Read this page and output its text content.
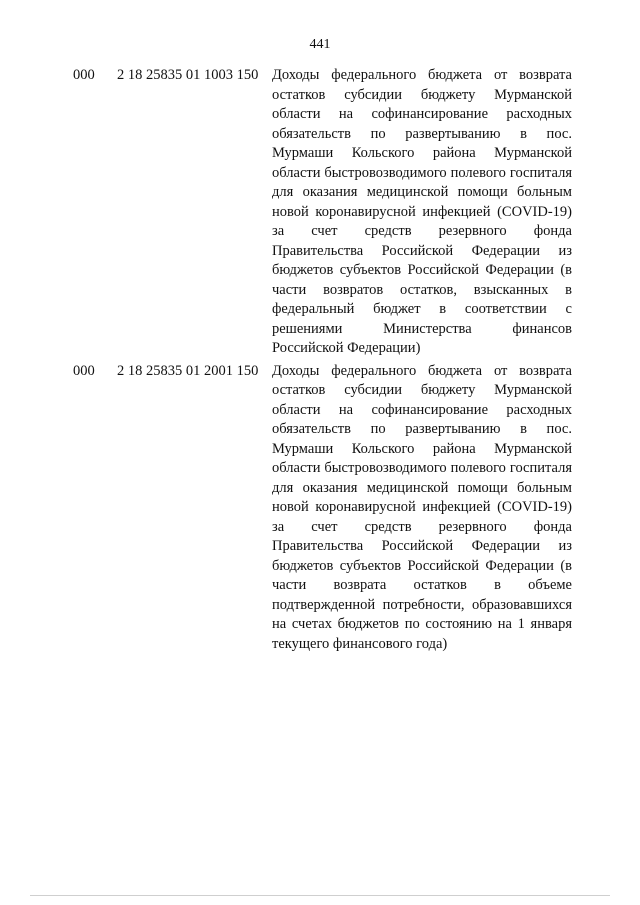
441
000 2 18 25835 01 1003 150 Доходы федерального бюджета от возврата остатков субсидии бюджету Мурманской области на софинансирование расходных обязательств по развертыванию в пос. Мурмаши Кольского района Мурманской области быстровозводимого полевого госпиталя для оказания медицинской помощи больным новой коронавирусной инфекцией (COVID-19) за счет средств резервного фонда Правительства Российской Федерации из бюджетов субъектов Российской Федерации (в части возвратов остатков, взысканных в федеральный бюджет в соответствии с решениями Министерства финансов Российской Федерации)
000 2 18 25835 01 2001 150 Доходы федерального бюджета от возврата остатков субсидии бюджету Мурманской области на софинансирование расходных обязательств по развертыванию в пос. Мурмаши Кольского района Мурманской области быстровозводимого полевого госпиталя для оказания медицинской помощи больным новой коронавирусной инфекцией (COVID-19) за счет средств резервного фонда Правительства Российской Федерации из бюджетов субъектов Российской Федерации (в части возврата остатков в объеме подтвержденной потребности, образовавшихся на счетах бюджетов по состоянию на 1 января текущего финансового года)
